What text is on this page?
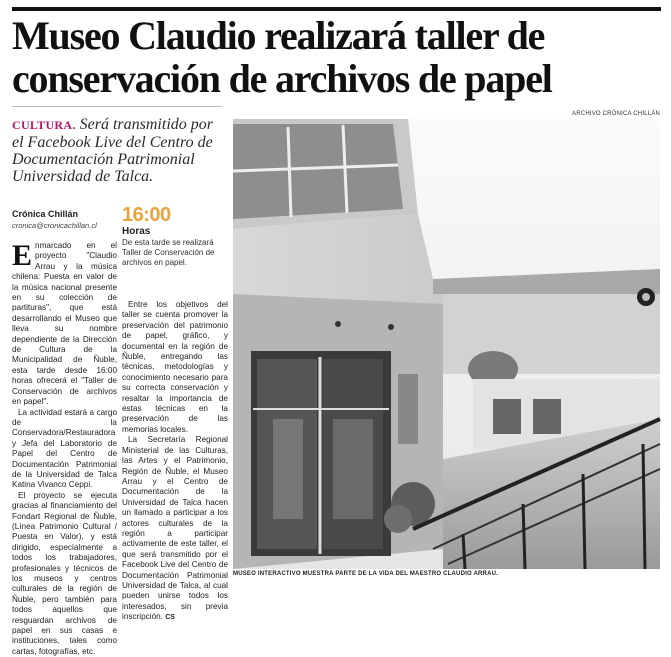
Museo Claudio realizará taller de
conservación de archivos de papel
ARCHIVO CRÓNICA CHILLÁN
CULTURA. Será transmitido por el Facebook Live del Centro de Documentación Patrimonial Universidad de Talca.
Crónica Chillán
cronica@cronicachillan.cl 16:00
Horas
De esta tarde se realizará Taller de Conservación de archivos en papel.

Enmarcado en el proyecto "Claudio Arrau y la música chilena: Puesta en valor de la música nacional presente en su colección de partituras", que está desarrollando el Museo que lleva su nombre dependiente de la Dirección de Cultura de la Municipalidad de Ñuble, esta tarde desde 16:00 horas ofrecerá el "Taller de Conservación de archivos en papel".

La actividad estará a cargo de la Conservadora/Restauradora y Jefa del Laboratorio de Papel del Centro de Documentación Patrimonial de la Universidad de Talca Katina Vivanco Ceppi.

El proyecto se ejecuta gracias al financiamiento del Fondart Regional de Ñuble, (Línea Patrimonio Cultural / Puesta en Valor), y está dirigido, especialmente a todos los trabajadores, profesionales y técnicos de los museos y centros culturales de la región de Ñuble, pero también para todos aquellos que resguardan archivos de papel en sus casas e instituciones, tales como cartas, fotografías, etc.

Entre los objetivos del taller se cuenta promover la preservación del patrimonio de papel, gráfico, y documental en la región de Ñuble, entregando las técnicas, metodologías y conocimiento necesario para su correcta conservación y resaltar la importancia de estas técnicas en la preservación de las memorias locales.

La Secretaría Regional Ministerial de las Culturas, las Artes y el Patrimonio, Región de Ñuble, el Museo Arrau y el Centro de Documentación de la Universidad de Talca hacen un llamado a participar a los actores culturales de la región a participar activamente de este taller, el que será transmitido por el Facebook Live del Centro de Documentación Patrimonial Universidad de Talca, al cual pueden unirse todos los interesados, sin previa inscripción. CS

MUSEO INTERACTIVO MUESTRA PARTE DE LA VIDA DEL MAESTRO CLAUDIO ARRAU.
